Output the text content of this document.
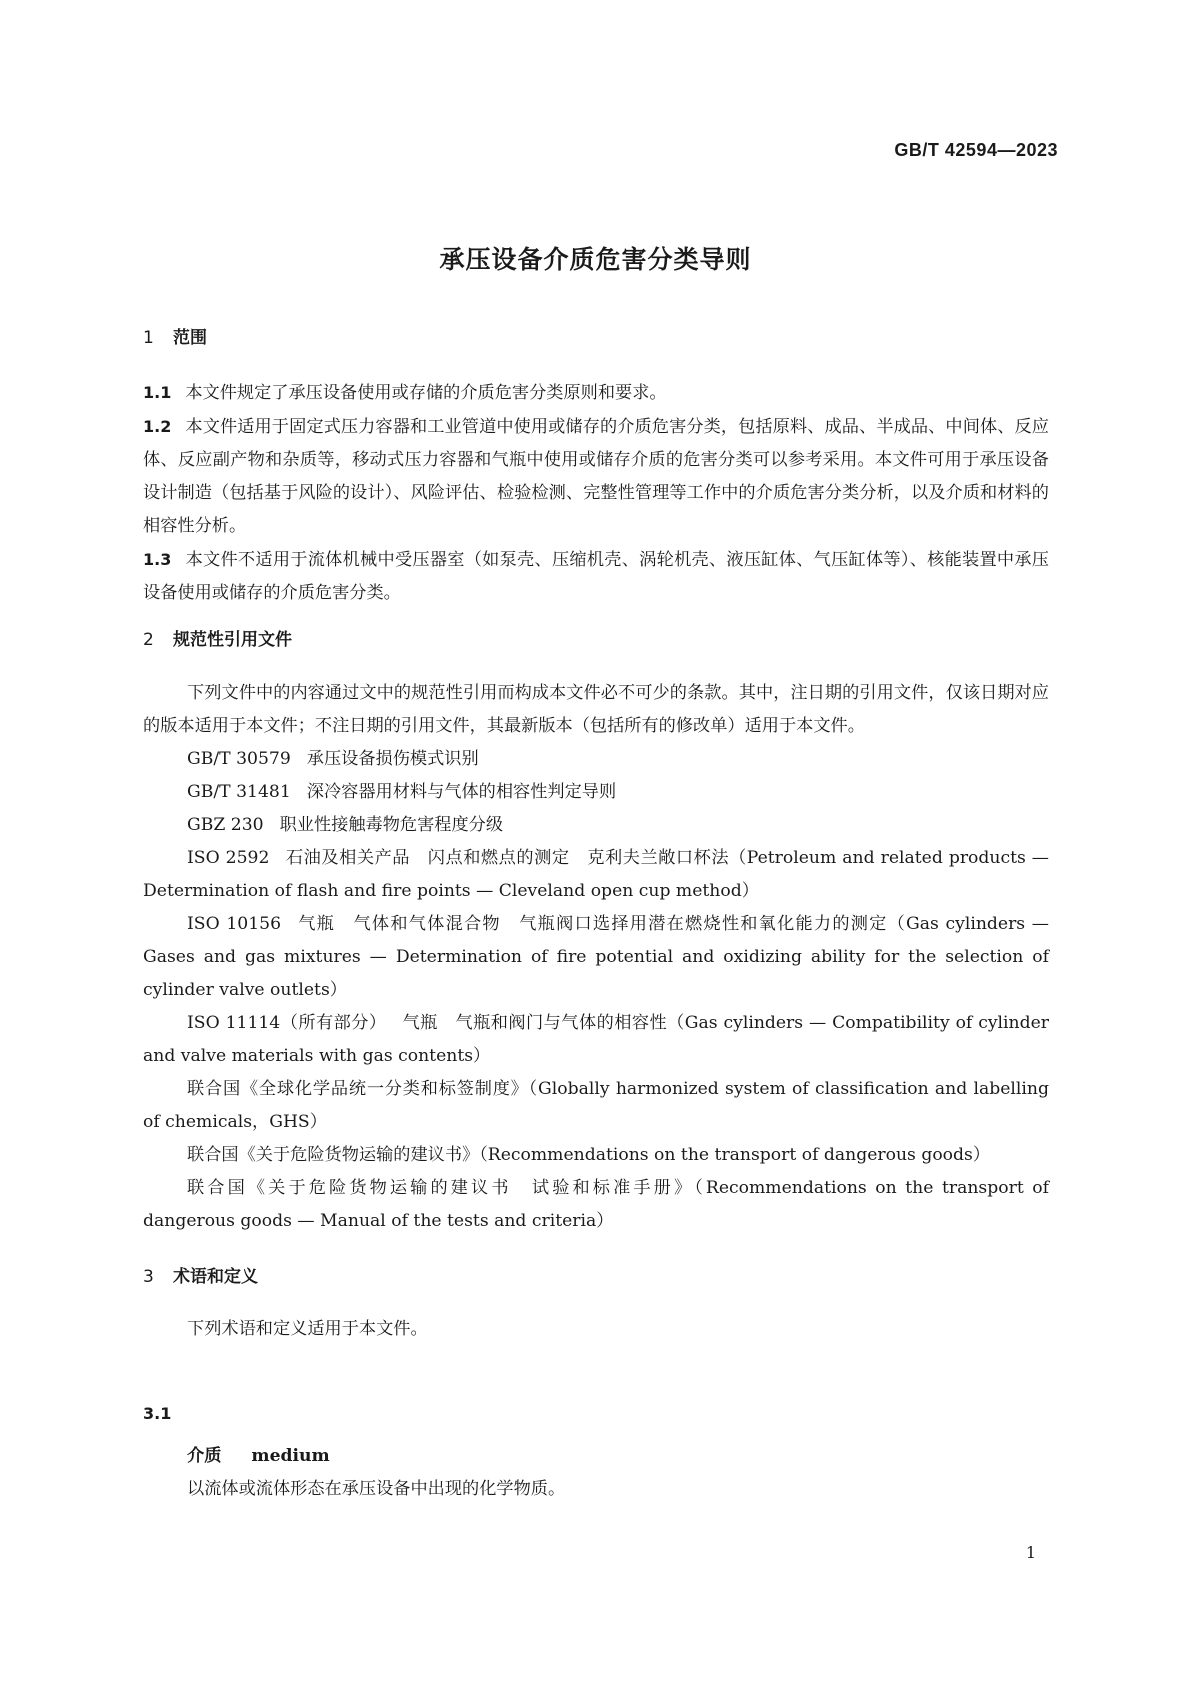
GB/T 42594—2023
承压设备介质危害分类导则
1 范围

1.1 本文件规定了承压设备使用或存储的介质危害分类原则和要求。

1.2 本文件适用于固定式压力容器和工业管道中使用或储存的介质危害分类，包括原料、成品、半成品、中间体、反应体、反应副产物和杂质等，移动式压力容器和气瓶中使用或储存介质的危害分类可以参考采用。本文件可用于承压设备设计制造（包括基于风险的设计）、风险评估、检验检测、完整性管理等工作中的介质危害分类分析，以及介质和材料的相容性分析。

1.3 本文件不适用于流体机械中受压器室（如泵壳、压缩机壳、涡轮机壳、液压缸体、气压缸体等）、核能装置中承压设备使用或储存的介质危害分类。

2 规范性引用文件

下列文件中的内容通过文中的规范性引用而构成本文件必不可少的条款。其中，注日期的引用文件，仅该日期对应的版本适用于本文件；不注日期的引用文件，其最新版本（包括所有的修改单）适用于本文件。

GB/T 30579 承压设备损伤模式识别

GB/T 31481 深冷容器用材料与气体的相容性判定导则

GBZ 230 职业性接触毒物危害程度分级

ISO 2592 石油及相关产品　闪点和燃点的测定　克利夫兰敞口杯法（Petroleum and related products — Determination of flash and fire points — Cleveland open cup method）

ISO 10156 气瓶　气体和气体混合物　气瓶阀口选择用潜在燃烧性和氧化能力的测定（Gas cylinders — Gases and gas mixtures — Determination of fire potential and oxidizing ability for the selection of cylinder valve outlets）

ISO 11114（所有部分） 气瓶　气瓶和阀门与气体的相容性（Gas cylinders — Compatibility of cylinder and valve materials with gas contents）

联合国《全球化学品统一分类和标签制度》（Globally harmonized system of classification and labelling of chemicals，GHS）

联合国《关于危险货物运输的建议书》（Recommendations on the transport of dangerous goods）

联合国《关于危险货物运输的建议书　试验和标准手册》（Recommendations on the transport of dangerous goods — Manual of the tests and criteria）

3 术语和定义

下列术语和定义适用于本文件。

3.1
介质 medium
以流体或流体形态在承压设备中出现的化学物质。
1
